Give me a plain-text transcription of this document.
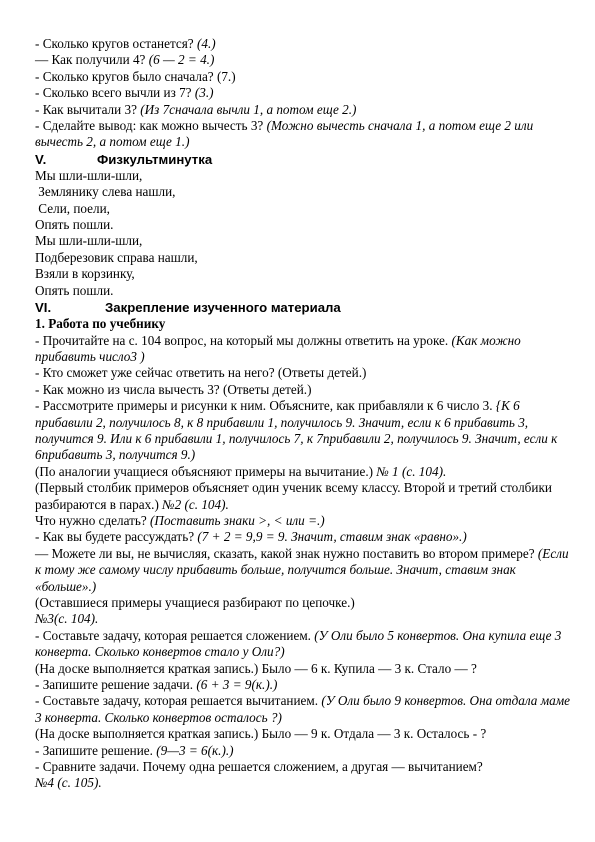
- Сколько кругов останется? (4.)

— Как получили 4? (6 — 2 = 4.)

- Сколько кругов было сначала? (7.)

- Сколько всего вычли из 7? (3.)

- Как вычитали 3? (Из 7сначала вычли 1, а потом еще 2.)

- Сделайте вывод: как можно вычесть 3? (Можно вычесть сначала 1, а потом еще 2 или вычесть 2, а потом еще 1.)

V.	Физкультминутка

Мы шли-шли-шли,

Землянику слева нашли,

Сели, поели,

Опять пошли.

Мы шли-шли-шли,

Подберезовик справа нашли,

Взяли в корзинку,

Опять пошли.

VI.	Закрепление изученного материала

1. Работа по учебнику

- Прочитайте на с. 104 вопрос, на который мы должны ответить на уроке. (Как можно прибавить число3 )

- Кто сможет уже сейчас ответить на него? (Ответы детей.)

- Как можно из числа вычесть 3? (Ответы детей.)

- Рассмотрите примеры и рисунки к ним. Объясните, как прибавляли к 6 число 3. {К 6 прибавили 2, получилось 8, к 8 прибавили 1, получилось 9. Значит, если к 6 прибавить 3, получится 9. Или к 6 прибавили 1, получилось 7, к 7прибавили 2, получилось 9. Значит, если к 6прибавить 3, получится 9.)

(По аналогии учащиеся объясняют примеры на вычитание.) № 1 (с. 104).

(Первый столбик примеров объясняет один ученик всему классу. Второй и третий столбики разбираются в парах.) №2 (с. 104).

Что нужно сделать? (Поставить знаки >, < или =.)

- Как вы будете рассуждать? (7 + 2 = 9,9 = 9. Значит, ставим знак «равно».)

— Можете ли вы, не вычисляя, сказать, какой знак нужно поставить во втором примере? (Если к тому же самому числу прибавить больше, получится больше. Значит, ставим знак «больше».)

(Оставшиеся примеры учащиеся разбирают по цепочке.)

№3(с. 104).

- Составьте задачу, которая решается сложением. (У Оли было 5 конвертов. Она купила еще 3 конверта. Сколько конвертов стало у Оли?)

(На доске выполняется краткая запись.) Было — 6 к. Купила — 3 к. Стало — ?

- Запишите решение задачи. (6 + 3 = 9(к.).)

- Составьте задачу, которая решается вычитанием. (У Оли было 9 конвертов. Она отдала маме 3 конверта. Сколько конвертов осталось ?)

(На доске выполняется краткая запись.) Было — 9 к. Отдала — 3 к. Осталось - ?

- Запишите решение. (9—3 = 6(к.).)

- Сравните задачи. Почему одна решается сложением, а другая — вычитанием?

№4 (с. 105).
